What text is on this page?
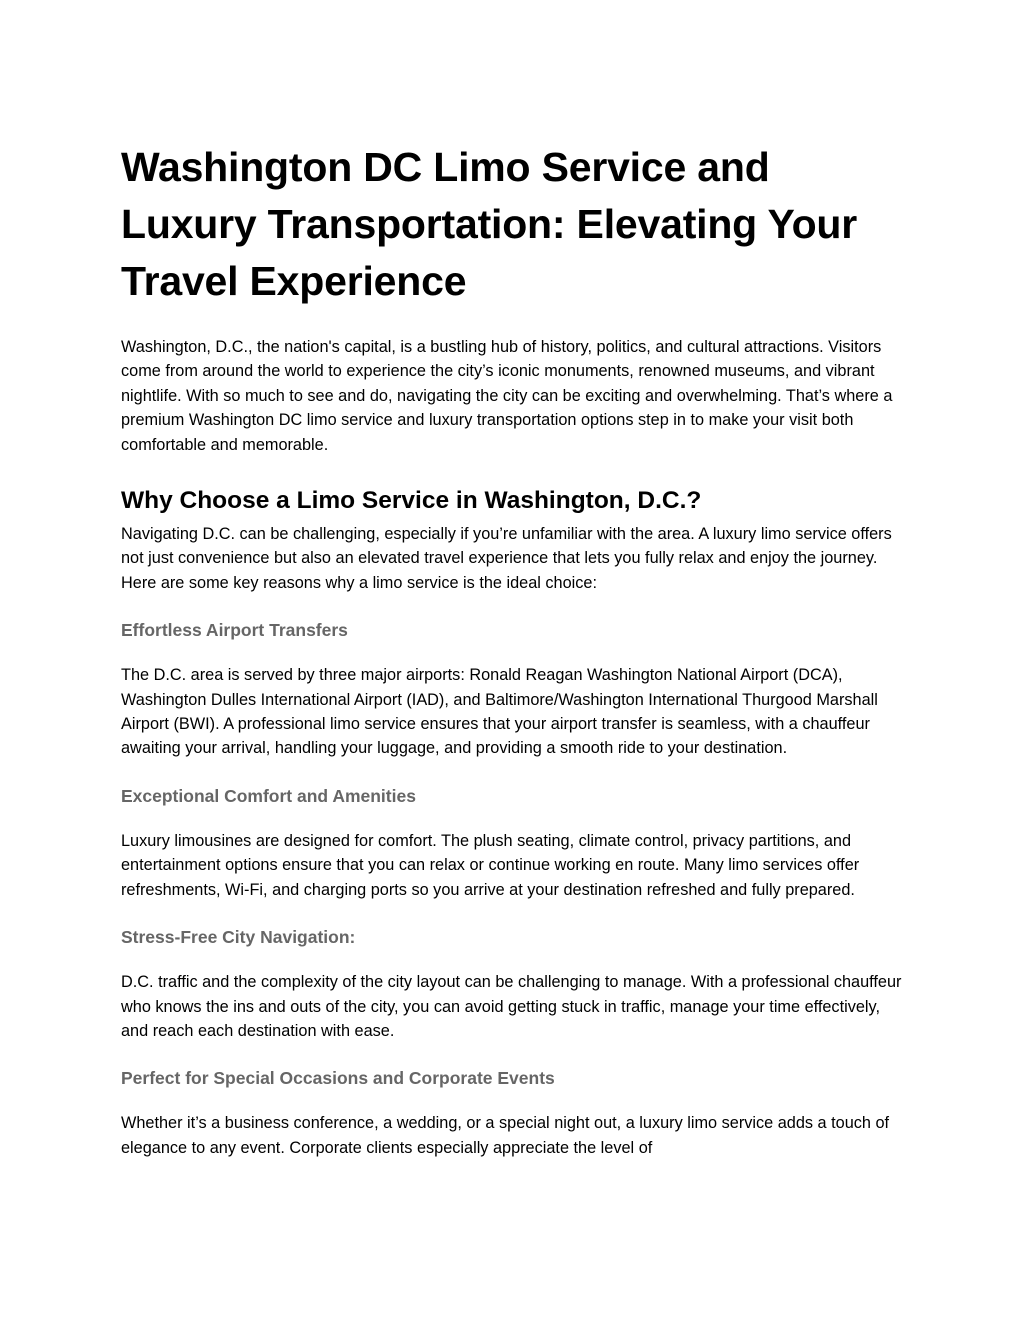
Washington DC Limo Service and Luxury Transportation: Elevating Your Travel Experience

Washington, D.C., the nation's capital, is a bustling hub of history, politics, and cultural attractions. Visitors come from around the world to experience the city’s iconic monuments, renowned museums, and vibrant nightlife. With so much to see and do, navigating the city can be exciting and overwhelming. That’s where a premium Washington DC limo service and luxury transportation options step in to make your visit both comfortable and memorable.

Why Choose a Limo Service in Washington, D.C.?

Navigating D.C. can be challenging, especially if you’re unfamiliar with the area. A luxury limo service offers not just convenience but also an elevated travel experience that lets you fully relax and enjoy the journey. Here are some key reasons why a limo service is the ideal choice:

Effortless Airport Transfers

The D.C. area is served by three major airports: Ronald Reagan Washington National Airport (DCA), Washington Dulles International Airport (IAD), and Baltimore/Washington International Thurgood Marshall Airport (BWI). A professional limo service ensures that your airport transfer is seamless, with a chauffeur awaiting your arrival, handling your luggage, and providing a smooth ride to your destination.

Exceptional Comfort and Amenities

Luxury limousines are designed for comfort. The plush seating, climate control, privacy partitions, and entertainment options ensure that you can relax or continue working en route. Many limo services offer refreshments, Wi-Fi, and charging ports so you arrive at your destination refreshed and fully prepared.

Stress-Free City Navigation:

D.C. traffic and the complexity of the city layout can be challenging to manage. With a professional chauffeur who knows the ins and outs of the city, you can avoid getting stuck in traffic, manage your time effectively, and reach each destination with ease.

Perfect for Special Occasions and Corporate Events

Whether it’s a business conference, a wedding, or a special night out, a luxury limo service adds a touch of elegance to any event. Corporate clients especially appreciate the level of
